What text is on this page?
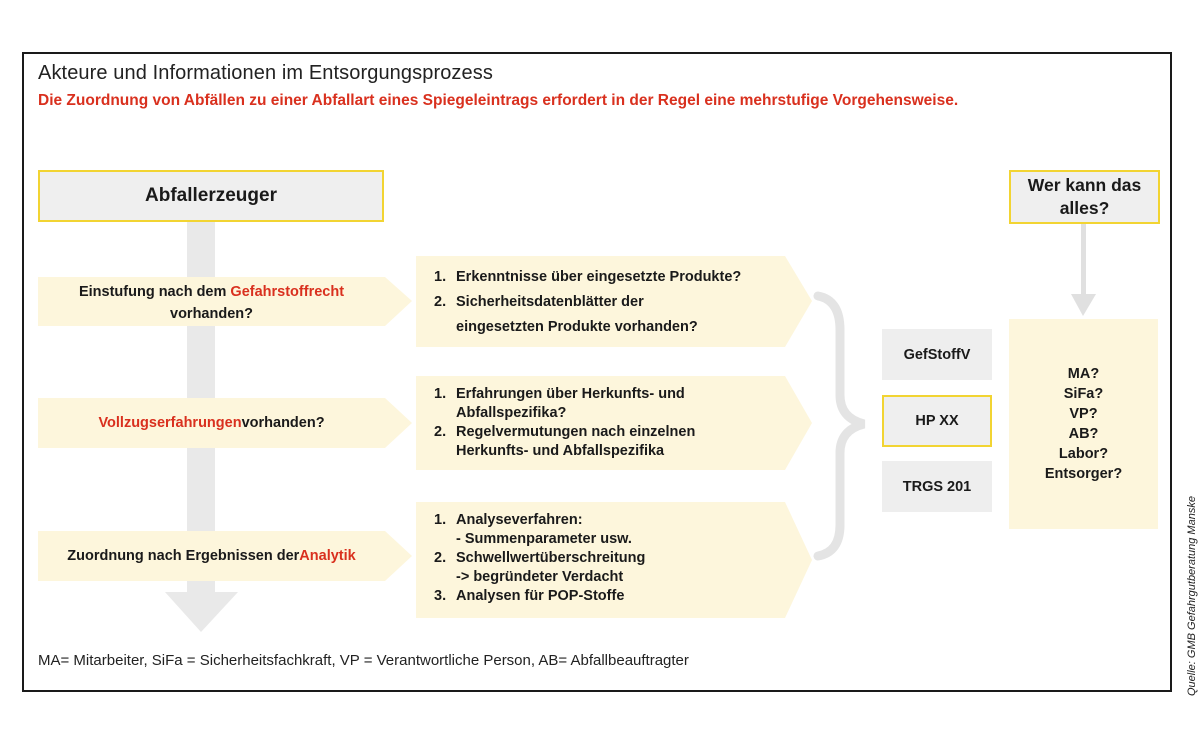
Akteure und Informationen im Entsorgungsprozess
Die Zuordnung von Abfällen zu einer Abfallart eines Spiegeleintrags erfordert in der Regel eine mehrstufige Vorgehensweise.
Abfallerzeuger
Einstufung nach dem Gefahrstoffrecht
vorhanden?
Vollzugserfahrungen vorhanden?
Zuordnung nach Ergebnissen der Analytik
1. Erkenntnisse über eingesetzte Produkte?
2. Sicherheitsdatenblätter der
eingesetzten Produkte vorhanden?
1. Erfahrungen über Herkunfts- und
Abfallspezifika?
2. Regelvermutungen nach einzelnen
Herkunfts- und Abfallspezifika
1. Analyseverfahren:
- Summenparameter usw.
2. Schwellwertüberschreitung
-> begründeter Verdacht
3. Analysen für POP-Stoffe
GefStoffV
HP XX
TRGS 201
Wer kann das alles?
MA?
SiFa?
VP?
AB?
Labor?
Entsorger?
MA= Mitarbeiter, SiFa = Sicherheitsfachkraft, VP = Verantwortliche Person, AB= Abfallbeauftragter	Quelle: GMB Gefahrgutberatung Manske
